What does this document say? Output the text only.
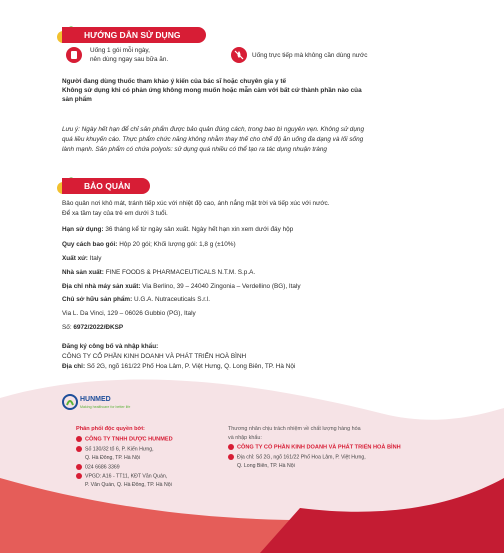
HƯỚNG DẪN SỬ DỤNG
Uống 1 gói mỗi ngày,
nên dùng ngay sau bữa ăn.
Uống trực tiếp mà không cần dùng nước
Người đang dùng thuốc tham khảo ý kiến của bác sĩ hoặc chuyên gia y tế
Không sử dụng khi có phản ứng không mong muốn hoặc mẫn cảm với bất cứ thành phần nào của
sản phẩm
Lưu ý: Ngày hết hạn để chỉ sản phẩm được bảo quản đúng cách, trong bao bì nguyên vẹn. Không sử dụng
quá liều khuyến cáo. Thực phẩm chức năng không nhằm thay thế cho chế độ ăn uống đa dạng và lối sống
lành mạnh. Sản phẩm có chứa polyols: sử dụng quá nhiều có thể tạo ra tác dụng nhuận tràng
BẢO QUẢN
Bảo quản nơi khô mát, tránh tiếp xúc với nhiệt độ cao, ánh nắng mặt trời và tiếp xúc với nước.
Để xa tầm tay của trẻ em dưới 3 tuổi.
Hạn sử dụng: 36 tháng kể từ ngày sản xuất. Ngày hết hạn xin xem dưới đáy hộp
Quy cách bao gói: Hộp 20 gói; Khối lượng gói: 1,8 g (±10%)
Xuất xứ: Italy
Nhà sản xuất: FINE FOODS & PHARMACEUTICALS N.T.M. S.p.A.
Địa chỉ nhà máy sản xuất: Via Berlino, 39 – 24040 Zingonia – Verdellino (BG), Italy
Chủ sở hữu sản phẩm: U.G.A. Nutraceuticals S.r.l.
Via L. Da Vinci, 129 – 06026 Gubbio (PG), Italy
Số: 6972/2022/ĐKSP
Đăng ký công bố và nhập khẩu:
CÔNG TY CỔ PHẦN KINH DOANH VÀ PHÁT TRIỂN HOÀ BÌNH
Địa chỉ: Số 2G, ngõ 161/22 Phố Hoa Lâm, P. Việt Hưng, Q. Long Biên, TP. Hà Nội
HUNMED
Making healthcare for better life
Phân phối độc quyền bởi:
CÔNG TY TNHH DƯỢC HUNMED
Số 130/32 tổ 6, P. Kiến Hưng,
Q. Hà Đông, TP. Hà Nội
024 6686 3369
VPGD: A16 - TT11, KĐT Văn Quán,
P. Văn Quán, Q. Hà Đông, TP. Hà Nội
Thương nhân chịu trách nhiệm về chất lượng hàng hóa
và nhập khẩu:
CÔNG TY CỔ PHẦN KINH DOANH VÀ PHÁT TRIỂN HOÀ BÌNH
Địa chỉ: Số 2G, ngõ 161/22 Phố Hoa Lâm, P. Việt Hưng,
Q. Long Biên, TP. Hà Nội
